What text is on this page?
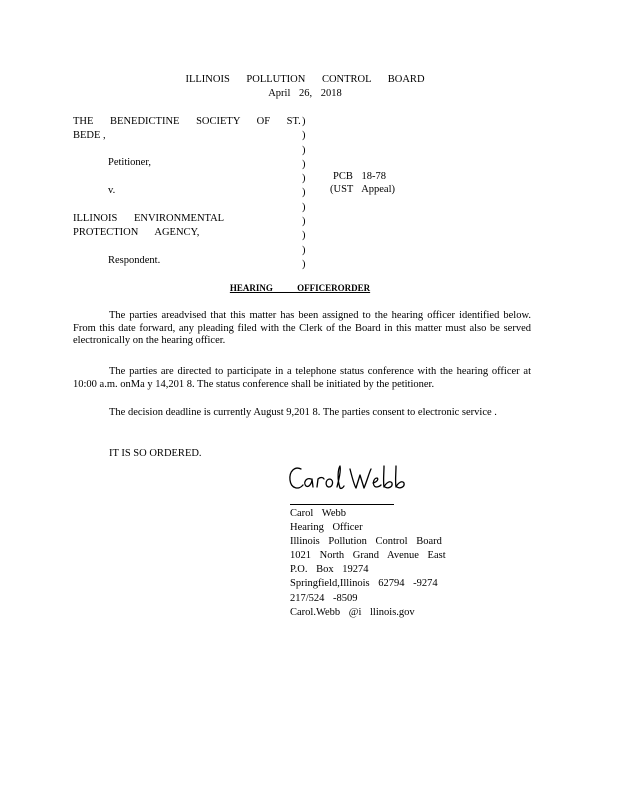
ILLINOIS POLLUTION CONTROL BOARD
April 26, 2018
THE BENEDICTINE SOCIETY OF ST.
BEDE ,
Petitioner,
v.
ILLINOIS ENVIRONMENTAL
PROTECTION AGENCY,
Respondent.
)
)
)
)
)
)
)
)
)
)
)
PCB 18-78
(UST Appeal)
HEARING OFFICERORDER

The parties areadvised that this matter has been assigned to the hearing officer identified below. From this date forward, any pleading filed with the Clerk of the Board in this matter must also be served electronically on the hearing officer.

The parties are directed to participate in a telephone status conference with the hearing officer at 10:00 a.m. onMa y 14,201 8. The status conference shall be initiated by the petitioner.

The decision deadline is currently August 9,201 8. The parties consent to electronic service .

IT IS SO ORDERED.
Carol Webb
Carol Webb
Hearing Officer
Illinois Pollution Control Board
1021 North Grand Avenue East
P.O. Box 19274
Springfield,Illinois 62794 -9274
217/524 -8509
Carol.Webb @i llinois.gov
